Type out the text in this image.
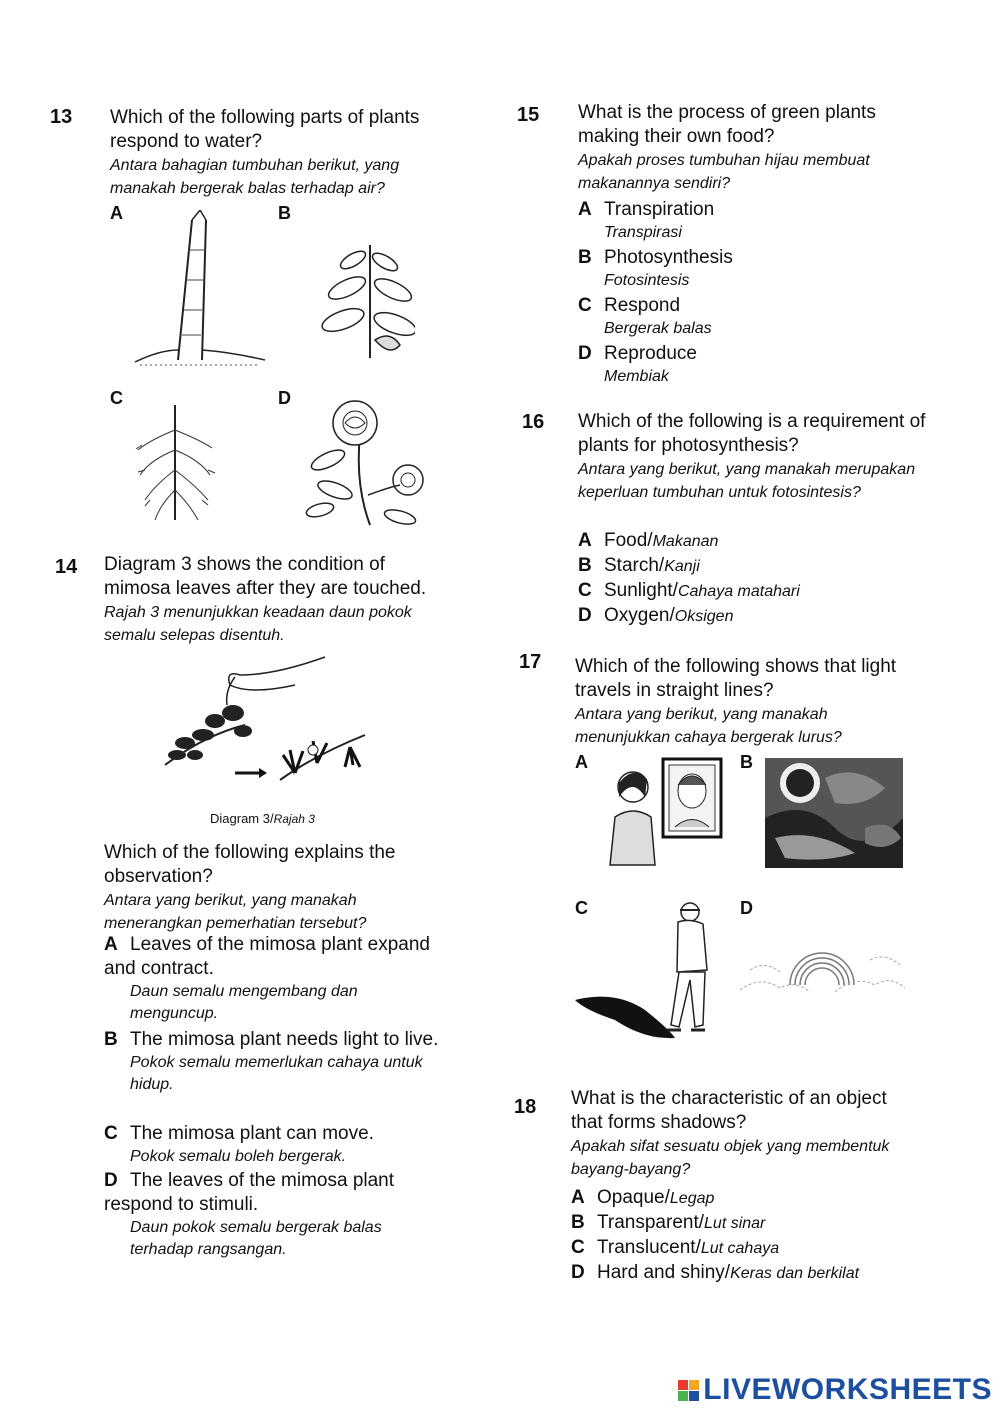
13 Which of the following parts of plants respond to water?
Antara bahagian tumbuhan berikut, yang manakah bergerak balas terhadap air?
A	B
C	D
14 Diagram 3 shows the condition of mimosa leaves after they are touched.
Rajah 3 menunjukkan keadaan daun pokok semalu selepas disentuh.
Diagram 3/Rajah 3
Which of the following explains the observation?
Antara yang berikut, yang manakah menerangkan pemerhatian tersebut?
A Leaves of the mimosa plant expand and contract.
Daun semalu mengembang dan menguncup.
B The mimosa plant needs light to live.
Pokok semalu memerlukan cahaya untuk hidup.
C The mimosa plant can move.
Pokok semalu boleh bergerak.
D The leaves of the mimosa plant respond to stimuli.
Daun pokok semalu bergerak balas terhadap rangsangan.
15 What is the process of green plants making their own food?
Apakah proses tumbuhan hijau membuat makanannya sendiri?
A Transpiration
Transpirasi
B Photosynthesis
Fotosintesis
C Respond
Bergerak balas
D Reproduce
Membiak
16 Which of the following is a requirement of plants for photosynthesis?
Antara yang berikut, yang manakah merupakan keperluan tumbuhan untuk fotosintesis?
A Food/Makanan
B Starch/Kanji
C Sunlight/Cahaya matahari
D Oxygen/Oksigen
17 Which of the following shows that light travels in straight lines?
Antara yang berikut, yang manakah menunjukkan cahaya bergerak lurus?
A	B
C	D
18 What is the characteristic of an object that forms shadows?
Apakah sifat sesuatu objek yang membentuk bayang-bayang?
A Opaque/Legap
B Transparent/Lut sinar
C Translucent/Lut cahaya
D Hard and shiny/Keras dan berkilat
LIVEWORKSHEETS
